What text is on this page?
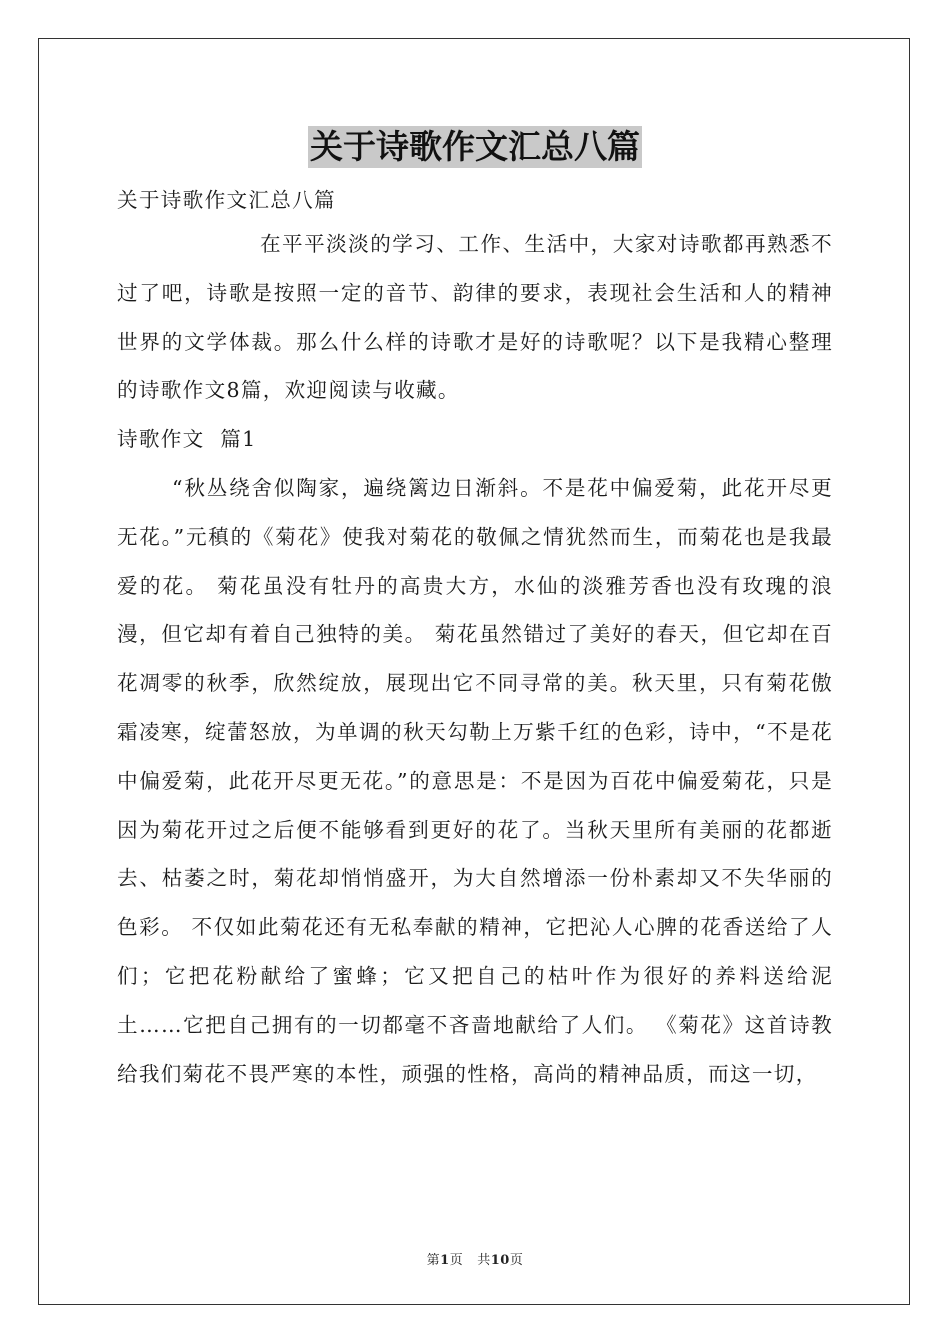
关于诗歌作文汇总八篇

关于诗歌作文汇总八篇

在平平淡淡的学习、工作、生活中，大家对诗歌都再熟悉不过了吧，诗歌是按照一定的音节、韵律的要求，表现社会生活和人的精神世界的文学体裁。那么什么样的诗歌才是好的诗歌呢？以下是我精心整理的诗歌作文8篇，欢迎阅读与收藏。

诗歌作文  篇1

“秋丛绕舍似陶家，遍绕篱边日渐斜。不是花中偏爱菊，此花开尽更无花。”元稹的《菊花》使我对菊花的敬佩之情犹然而生，而菊花也是我最爱的花。 菊花虽没有牡丹的高贵大方，水仙的淡雅芳香也没有玫瑰的浪漫，但它却有着自己独特的美。 菊花虽然错过了美好的春天，但它却在百花凋零的秋季，欣然绽放，展现出它不同寻常的美。秋天里，只有菊花傲霜凌寒，绽蕾怒放，为单调的秋天勾勒上万紫千红的色彩，诗中，“不是花中偏爱菊，此花开尽更无花。”的意思是：不是因为百花中偏爱菊花，只是因为菊花开过之后便不能够看到更好的花了。当秋天里所有美丽的花都逝去、枯萎之时，菊花却悄悄盛开，为大自然增添一份朴素却又不失华丽的色彩。 不仅如此菊花还有无私奉献的精神，它把沁人心脾的花香送给了人们；它把花粉献给了蜜蜂；它又把自己的枯叶作为很好的养料送给泥土……它把自己拥有的一切都毫不吝啬地献给了人们。 《菊花》这首诗教给我们菊花不畏严寒的本性，顽强的性格，高尚的精神品质，而这一切，

第1页 共10页
